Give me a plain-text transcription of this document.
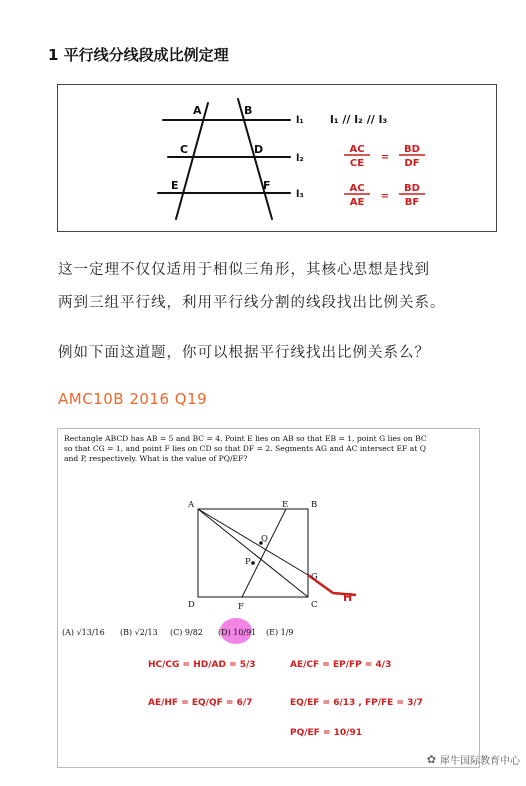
1 平行线分线段成比例定理
A	B
C	D
E	F
l₁
l₂
l₃
l₁ // l₂ // l₃
AC
CE
=
BD
DF
AC
AE
=
BD
BF
这一定理不仅仅适用于相似三角形，其核心思想是找到
两到三组平行线，利用平行线分割的线段找出比例关系。
例如下面这道题，你可以根据平行线找出比例关系么？
AMC10B 2016 Q19
Rectangle ABCD has AB = 5 and BC = 4. Point E lies on AB so that EB = 1, point G lies on BC
so that CG = 1, and point F lies on CD so that DF = 2. Segments AG and AC intersect EF at Q
and P, respectively. What is the value of PQ/EF?
A	B
C
D
E
F
G
P
Q
H
(A) √13/16 (B) √2/13 (C) 9/82 (D) 10/91 (E) 1/9
HC/CG = HD/AD = 5/3
AE/HF = EQ/QF = 6/7
AE/CF = EP/FP = 4/3
EQ/EF = 6/13 , FP/FE = 3/7
PQ/EF = 10/91
✿ 犀牛国际教育中心
